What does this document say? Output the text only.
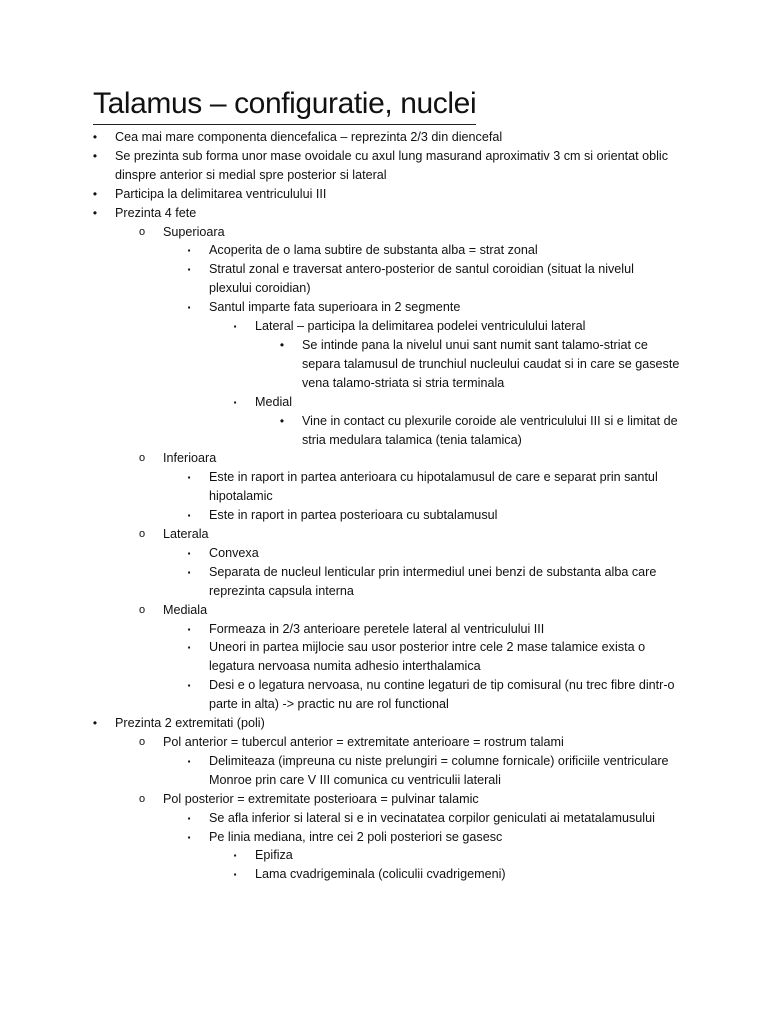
Talamus – configuratie, nuclei
•	Cea mai mare componenta diencefalica – reprezinta 2/3 din diencefal
•	Se prezinta sub forma unor mase ovoidale cu axul lung masurand aproximativ 3 cm si orientat oblic dinspre anterior si medial spre posterior si lateral
•	Participa la delimitarea ventriculului III
•	Prezinta 4 fete
o	Superioara
▪	Acoperita de o lama subtire de substanta alba = strat zonal
▪	Stratul zonal e traversat antero-posterior de santul coroidian (situat la nivelul plexului coroidian)
▪	Santul imparte fata superioara in 2 segmente
▪	Lateral – participa la delimitarea podelei ventriculului lateral
•	Se intinde pana la nivelul unui sant numit sant talamo-striat ce separa talamusul de trunchiul nucleului caudat si in care se gaseste vena talamo-striata si stria terminala
▪	Medial
•	Vine in contact cu plexurile coroide ale ventriculului III si e limitat de stria medulara talamica (tenia talamica)
o	Inferioara
▪	Este in raport in partea anterioara cu hipotalamusul de care e separat prin santul hipotalamic
▪	Este in raport in partea posterioara cu subtalamusul
o	Laterala
▪	Convexa
▪	Separata de nucleul lenticular prin intermediul unei benzi de substanta alba care reprezinta capsula interna
o	Mediala
▪	Formeaza in 2/3 anterioare peretele lateral al ventriculului III
▪	Uneori in partea mijlocie sau usor posterior intre cele 2 mase talamice exista o legatura nervoasa numita adhesio interthalamica
▪	Desi e o legatura nervoasa, nu contine legaturi de tip comisural (nu trec fibre dintr-o parte in alta) -> practic nu are rol functional
•	Prezinta 2 extremitati (poli)
o	Pol anterior = tubercul anterior = extremitate anterioare = rostrum talami
▪	Delimiteaza (impreuna cu niste prelungiri = columne fornicale) orificiile ventriculare Monroe prin care V III comunica cu ventriculii laterali
o	Pol posterior = extremitate posterioara = pulvinar talamic
▪	Se afla inferior si lateral si e in vecinatatea corpilor geniculati ai metatalamusului
▪	Pe linia mediana, intre cei 2 poli posteriori se gasesc
▪	Epifiza
▪	Lama cvadrigeminala (coliculii cvadrigemeni)
